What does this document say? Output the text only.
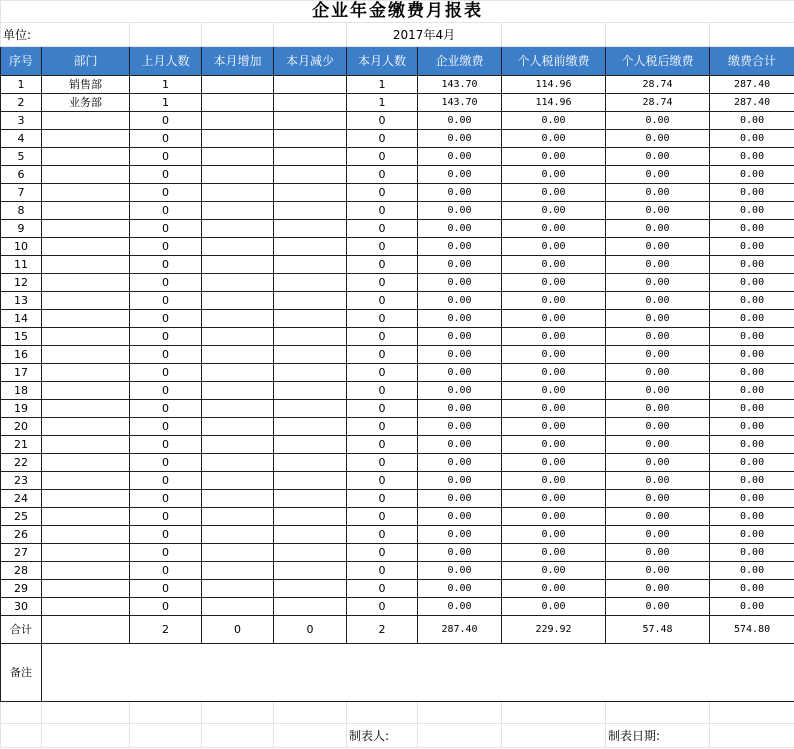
企业年金缴费月报表									
单位:					2017年4月				
序号	部门	上月人数	本月增加	本月减少	本月人数	企业缴费	个人税前缴费	个人税后缴费	缴费合计
1	销售部	1			1	143.70	114.96	28.74	287.40
2	业务部	1			1	143.70	114.96	28.74	287.40
3		0			0	0.00	0.00	0.00	0.00
4		0			0	0.00	0.00	0.00	0.00
5		0			0	0.00	0.00	0.00	0.00
6		0			0	0.00	0.00	0.00	0.00
7		0			0	0.00	0.00	0.00	0.00
8		0			0	0.00	0.00	0.00	0.00
9		0			0	0.00	0.00	0.00	0.00
10		0			0	0.00	0.00	0.00	0.00
11		0			0	0.00	0.00	0.00	0.00
12		0			0	0.00	0.00	0.00	0.00
13		0			0	0.00	0.00	0.00	0.00
14		0			0	0.00	0.00	0.00	0.00
15		0			0	0.00	0.00	0.00	0.00
16		0			0	0.00	0.00	0.00	0.00
17		0			0	0.00	0.00	0.00	0.00
18		0			0	0.00	0.00	0.00	0.00
19		0			0	0.00	0.00	0.00	0.00
20		0			0	0.00	0.00	0.00	0.00
21		0			0	0.00	0.00	0.00	0.00
22		0			0	0.00	0.00	0.00	0.00
23		0			0	0.00	0.00	0.00	0.00
24		0			0	0.00	0.00	0.00	0.00
25		0			0	0.00	0.00	0.00	0.00
26		0			0	0.00	0.00	0.00	0.00
27		0			0	0.00	0.00	0.00	0.00
28		0			0	0.00	0.00	0.00	0.00
29		0			0	0.00	0.00	0.00	0.00
30		0			0	0.00	0.00	0.00	0.00
合计		2	0	0	2	287.40	229.92	57.48	574.80
备注									

					制表人:			制表日期:	
